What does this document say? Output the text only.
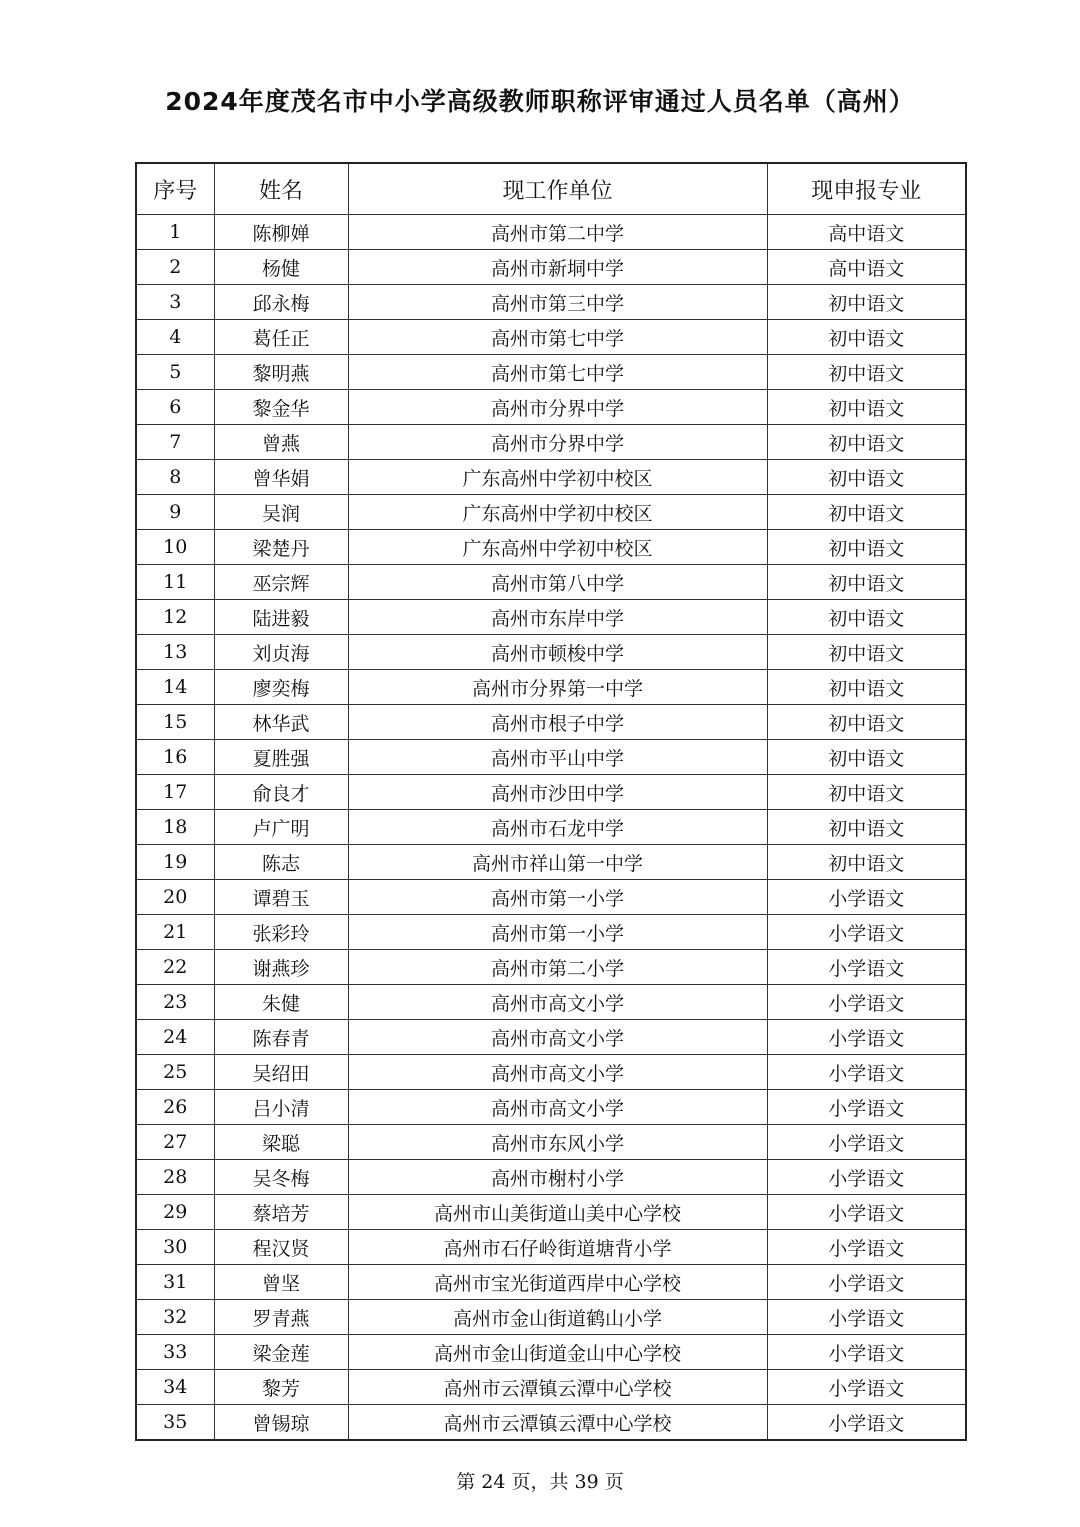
2024年度茂名市中小学高级教师职称评审通过人员名单（高州）
序号	姓名	现工作单位	现申报专业
1	陈柳婵	高州市第二中学	高中语文
2	杨健	高州市新垌中学	高中语文
3	邱永梅	高州市第三中学	初中语文
4	葛任正	高州市第七中学	初中语文
5	黎明燕	高州市第七中学	初中语文
6	黎金华	高州市分界中学	初中语文
7	曾燕	高州市分界中学	初中语文
8	曾华娟	广东高州中学初中校区	初中语文
9	吴润	广东高州中学初中校区	初中语文
10	梁楚丹	广东高州中学初中校区	初中语文
11	巫宗辉	高州市第八中学	初中语文
12	陆进毅	高州市东岸中学	初中语文
13	刘贞海	高州市顿梭中学	初中语文
14	廖奕梅	高州市分界第一中学	初中语文
15	林华武	高州市根子中学	初中语文
16	夏胜强	高州市平山中学	初中语文
17	俞良才	高州市沙田中学	初中语文
18	卢广明	高州市石龙中学	初中语文
19	陈志	高州市祥山第一中学	初中语文
20	谭碧玉	高州市第一小学	小学语文
21	张彩玲	高州市第一小学	小学语文
22	谢燕珍	高州市第二小学	小学语文
23	朱健	高州市高文小学	小学语文
24	陈春青	高州市高文小学	小学语文
25	吴绍田	高州市高文小学	小学语文
26	吕小清	高州市高文小学	小学语文
27	梁聪	高州市东风小学	小学语文
28	吴冬梅	高州市榭村小学	小学语文
29	蔡培芳	高州市山美街道山美中心学校	小学语文
30	程汉贤	高州市石仔岭街道塘背小学	小学语文
31	曾坚	高州市宝光街道西岸中心学校	小学语文
32	罗青燕	高州市金山街道鹤山小学	小学语文
33	梁金莲	高州市金山街道金山中心学校	小学语文
34	黎芳	高州市云潭镇云潭中心学校	小学语文
35	曾锡琼	高州市云潭镇云潭中心学校	小学语文
第 24 页，共 39 页
